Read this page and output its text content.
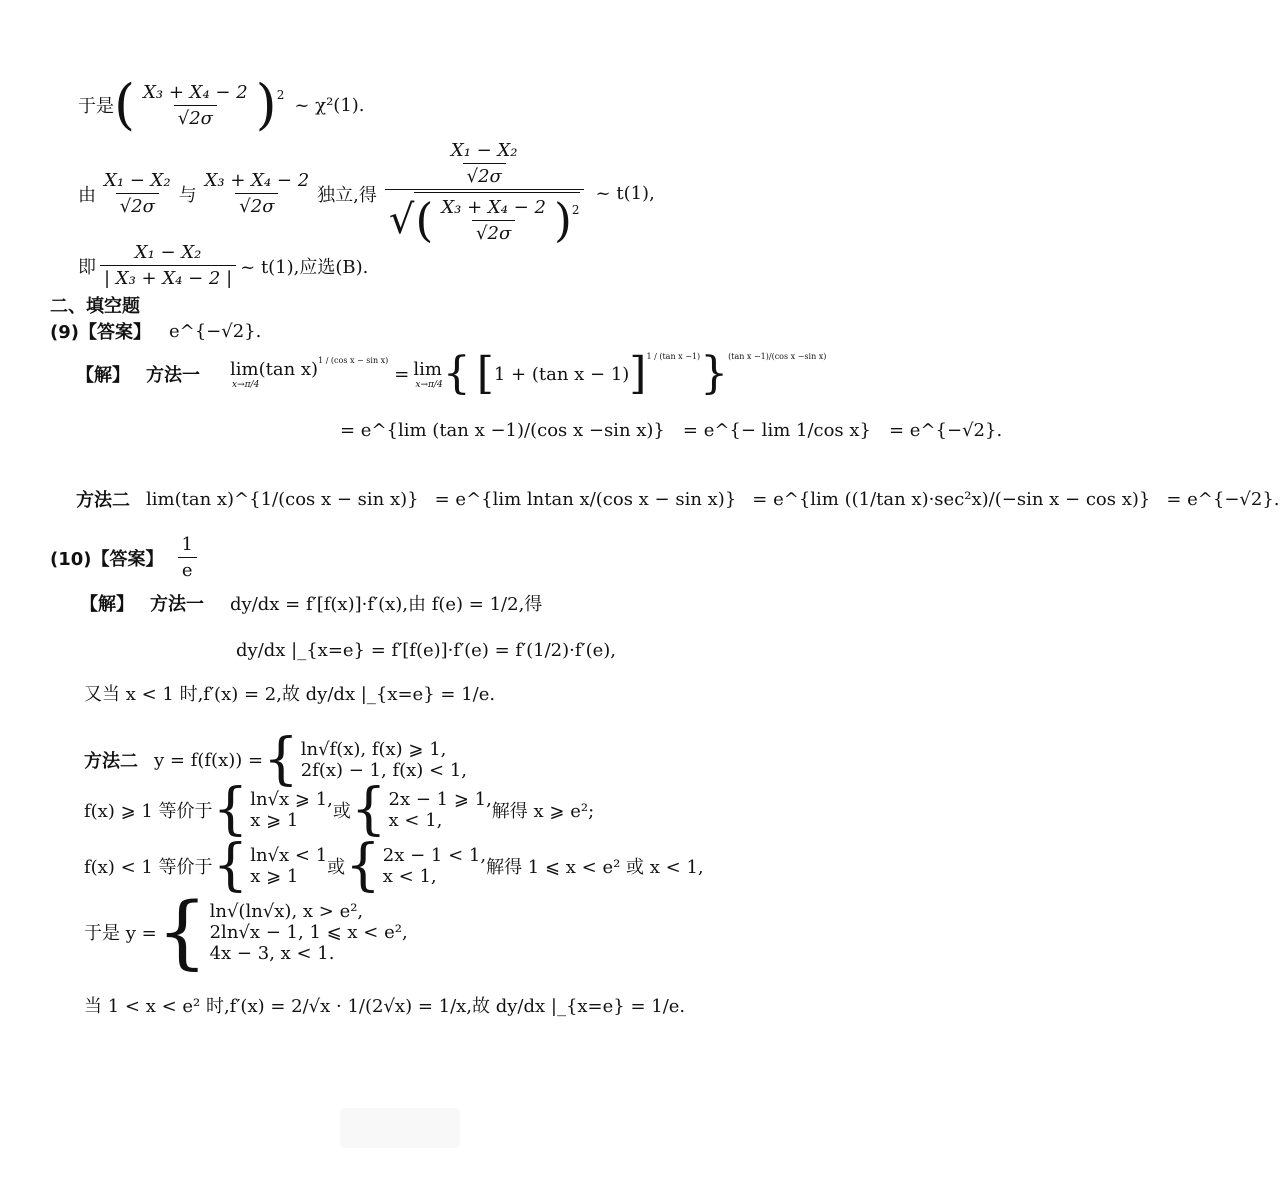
于是 ( $\frac{\text{X₃ + X₄ − 2}}{√2\sigma}$ ) 2 ~ χ²(1).
由 $\frac{\text{X₁ − X₂}}{√2\sigma}$ 与 $\frac{\text{X₃ + X₄ − 2}}{√2\sigma}$ 独立,得
$\frac{\text{X₁ − X₂}}{√2\sigma}$
√ ( $\frac{\text{X₃ + X₄ − 2}}{√2\sigma}$ ) 2
~ t(1),
即 $\frac{\text{X₁ − X₂}}{\text{| X₃ + X₄ − 2 |}}$ ~ t(1),应选(B).
二、填空题
(9)【答案】 e^{−√2}.
【解】 方法一 lim(tan x)
x→π/4
1 / (cos x − sin x)
= lim
x→π/4 { [ 1 + (tan x − 1) ] 1 / (tan x −1) } (tan x −1)/(cos x −sin x)
= e^{lim (tan x −1)/(cos x −sin x)} = e^{− lim 1/cos x} = e^{−√2}.
方法二 lim(tan x)^{1/(cos x − sin x)} = e^{lim lntan x/(cos x − sin x)} = e^{lim ((1/tan x)·sec²x)/(−sin x − cos x)} = e^{−√2}.
(10)【答案】 $\frac{1}{e}$
【解】 方法一 dy/dx = f′[f(x)]·f′(x),由 f(e) = 1/2,得
dy/dx |_{x=e} = f′[f(e)]·f′(e) = f′(1/2)·f′(e),
又当 x < 1 时,f′(x) = 2,故 dy/dx |_{x=e} = 1/e.
方法二 y = f(f(x)) = { ln√f(x), f(x) ⩾ 1,
2f(x) − 1, f(x) < 1,
f(x) ⩾ 1 等价于 { ln√x ⩾ 1,
x ⩾ 1	或 { 2x − 1 ⩾ 1,
x < 1,	解得 x ⩾ e²;
f(x) < 1 等价于 { ln√x < 1
x ⩾ 1	或 { 2x − 1 < 1,
x < 1,	解得 1 ⩽ x < e² 或 x < 1,
于是 y = { ln√(ln√x), x > e²,
2ln√x − 1, 1 ⩽ x < e²,
4x − 3, x < 1.
当 1 < x < e² 时,f′(x) = 2/√x · 1/(2√x) = 1/x,故 dy/dx |_{x=e} = 1/e.
